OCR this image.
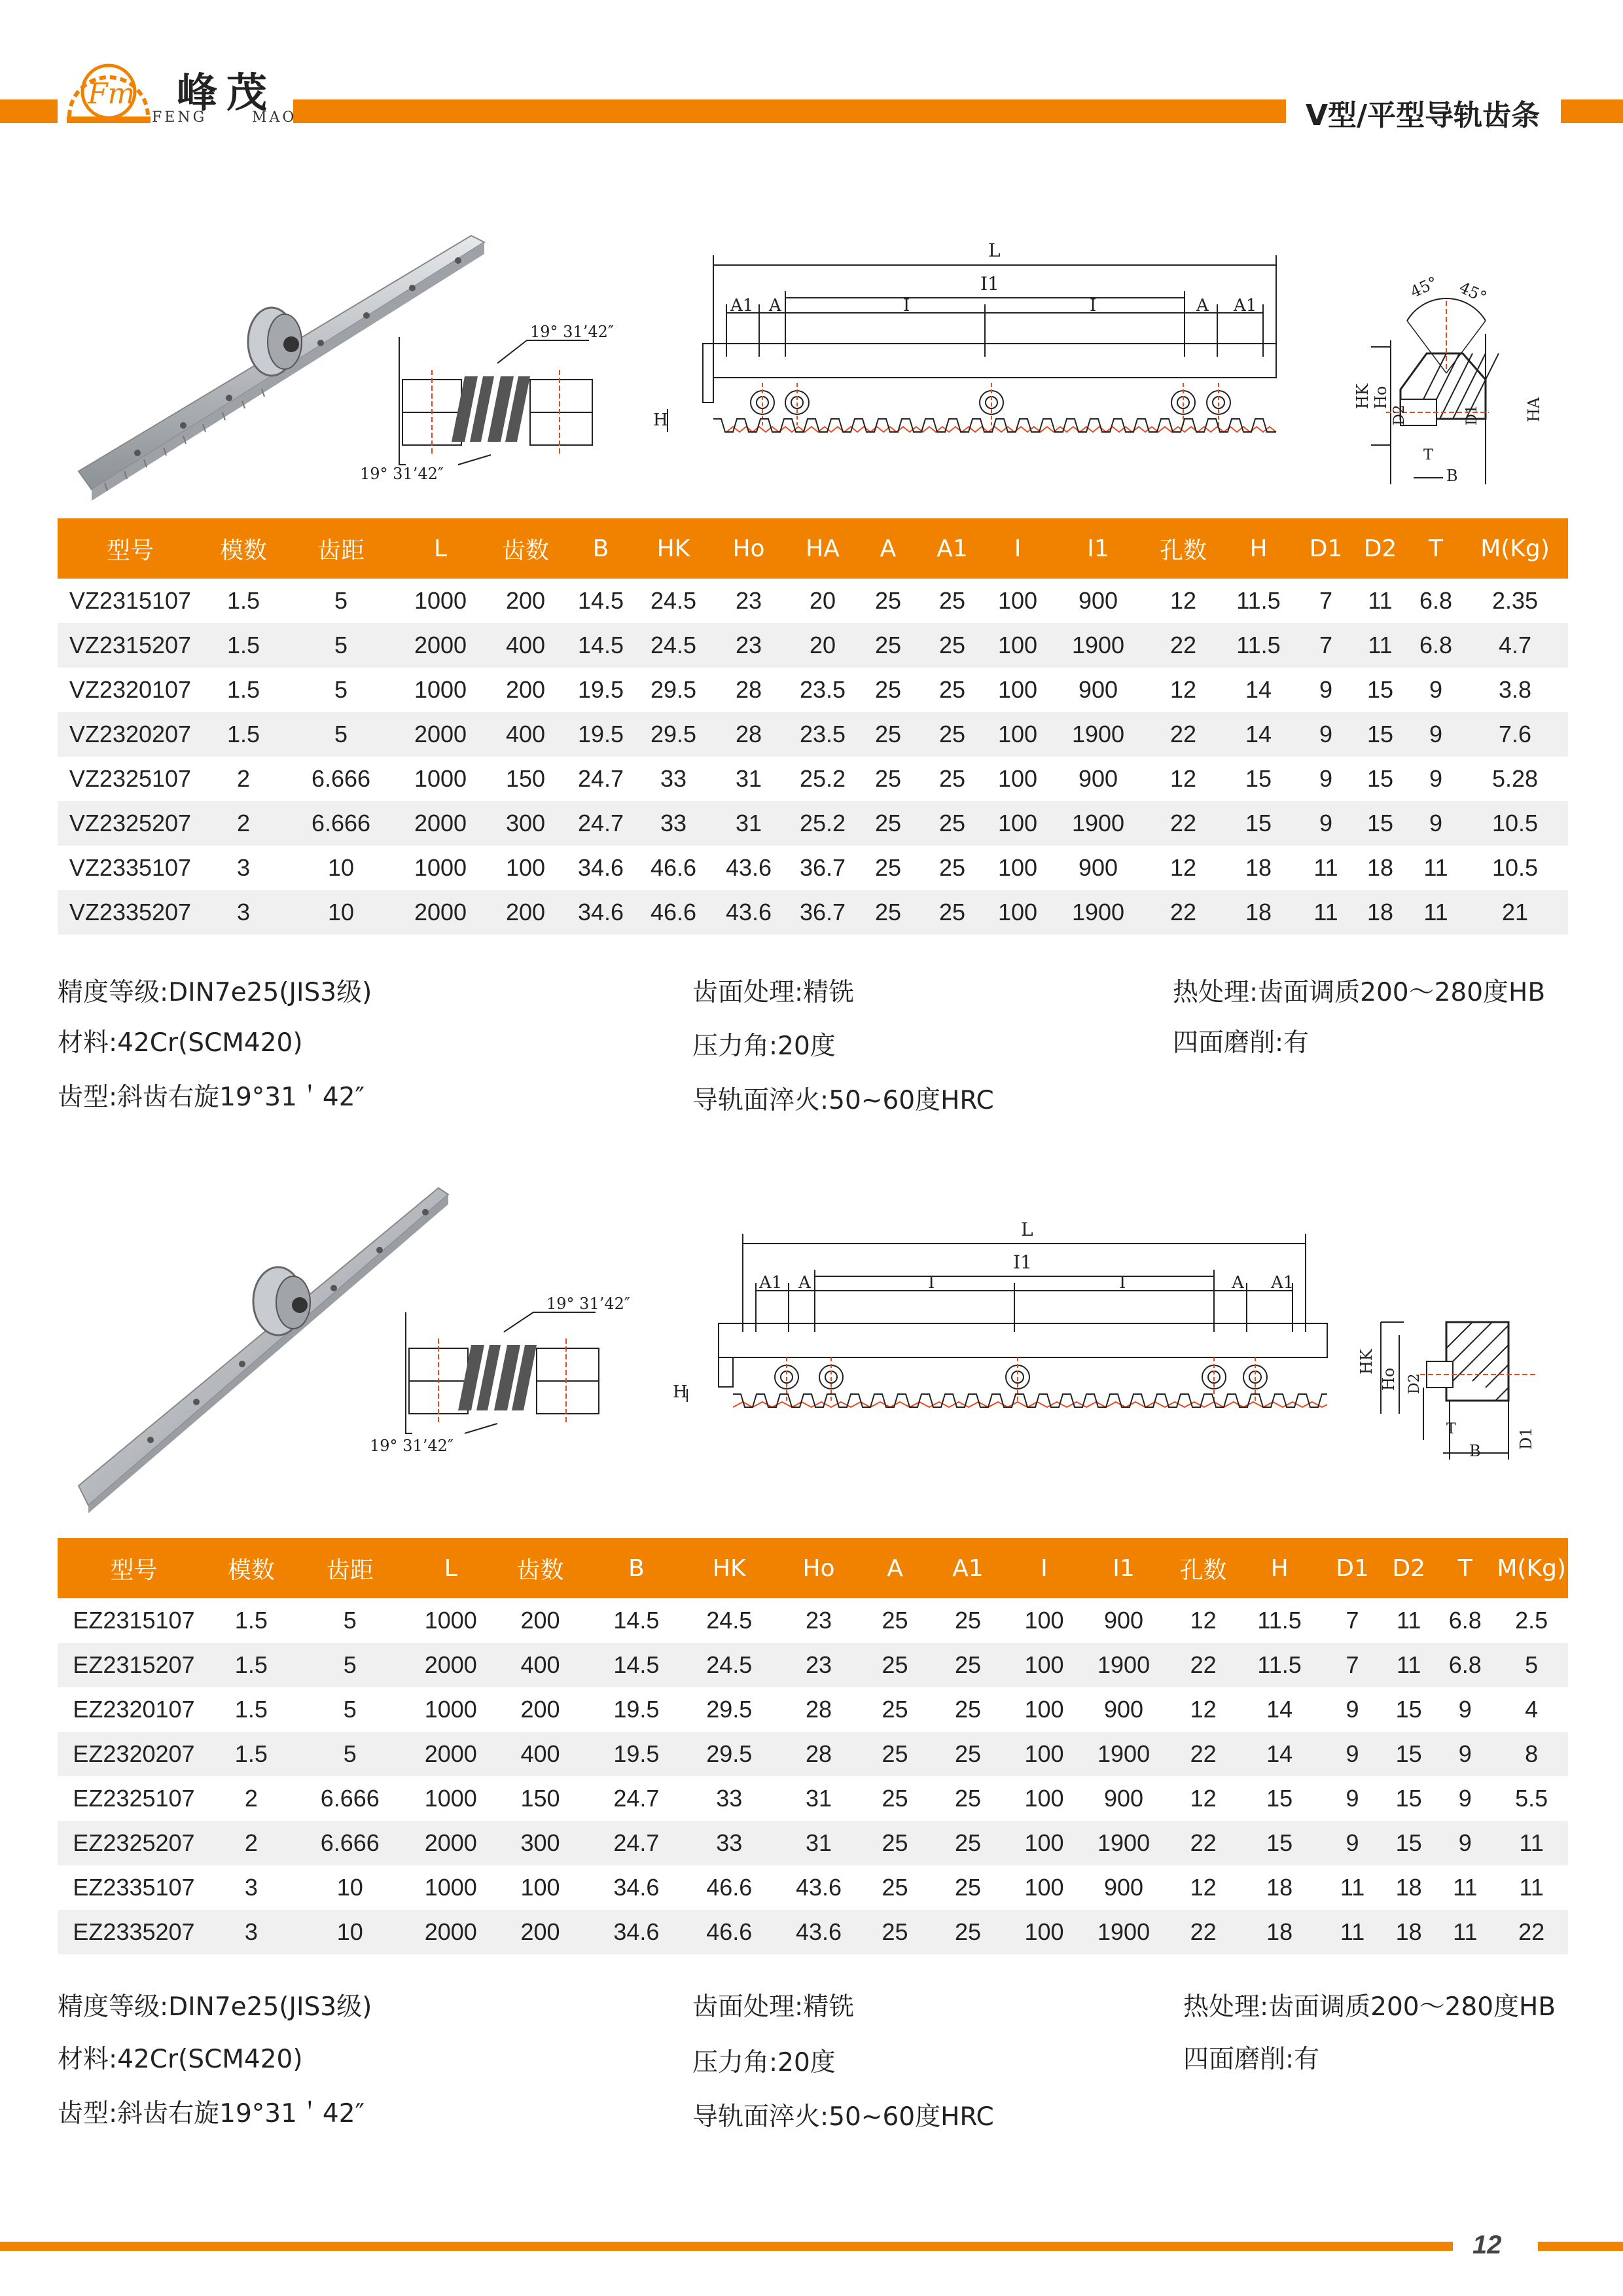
Fm 峰茂
FENG	MAO	V型/平型导轨齿条
19° 31’42″
19° 31’42″
L
I1
A1 A	I	I	A A1
H
45° 45°
HK Ho
D2	D1	HA
T
B
型号	模数	齿距	L	齿数	B	HK	Ho	HA	A	A1	I	I1	孔数	H	D1	D2	T	M(Kg)
VZ2315107	1.5	5	1000	200	14.5	24.5	23	20	25	25	100	900	12	11.5	7	11	6.8	2.35
VZ2315207	1.5	5	2000	400	14.5	24.5	23	20	25	25	100	1900	22	11.5	7	11	6.8	4.7
VZ2320107	1.5	5	1000	200	19.5	29.5	28	23.5	25	25	100	900	12	14	9	15	9	3.8
VZ2320207	1.5	5	2000	400	19.5	29.5	28	23.5	25	25	100	1900	22	14	9	15	9	7.6
VZ2325107	2	6.666	1000	150	24.7	33	31	25.2	25	25	100	900	12	15	9	15	9	5.28
VZ2325207	2	6.666	2000	300	24.7	33	31	25.2	25	25	100	1900	22	15	9	15	9	10.5
VZ2335107	3	10	1000	100	34.6	46.6	43.6	36.7	25	25	100	900	12	18	11	18	11	10.5
VZ2335207	3	10	2000	200	34.6	46.6	43.6	36.7	25	25	100	1900	22	18	11	18	11	21
精度等级:DIN7e25(JIS3级)
材料:42Cr(SCM420)
齿型:斜齿右旋19°31＇42″
齿面处理:精铣
压力角:20度
导轨面淬火:50~60度HRC
热处理:齿面调质200～280度HB
四面磨削:有
19° 31’42″
19° 31’42″
L
I1
A1 A	I	I	A A1
H
HK
Ho D2
D1
T
B
型号	模数	齿距	L	齿数	B	HK	Ho	A	A1	I	I1	孔数	H	D1	D2	T	M(Kg)
EZ2315107	1.5	5	1000	200	14.5	24.5	23	25	25	100	900	12	11.5	7	11	6.8	2.5
EZ2315207	1.5	5	2000	400	14.5	24.5	23	25	25	100	1900	22	11.5	7	11	6.8	5
EZ2320107	1.5	5	1000	200	19.5	29.5	28	25	25	100	900	12	14	9	15	9	4
EZ2320207	1.5	5	2000	400	19.5	29.5	28	25	25	100	1900	22	14	9	15	9	8
EZ2325107	2	6.666	1000	150	24.7	33	31	25	25	100	900	12	15	9	15	9	5.5
EZ2325207	2	6.666	2000	300	24.7	33	31	25	25	100	1900	22	15	9	15	9	11
EZ2335107	3	10	1000	100	34.6	46.6	43.6	25	25	100	900	12	18	11	18	11	11
EZ2335207	3	10	2000	200	34.6	46.6	43.6	25	25	100	1900	22	18	11	18	11	22
精度等级:DIN7e25(JIS3级)
材料:42Cr(SCM420)
齿型:斜齿右旋19°31＇42″
齿面处理:精铣
压力角:20度
导轨面淬火:50~60度HRC
热处理:齿面调质200～280度HB
四面磨削:有
12
